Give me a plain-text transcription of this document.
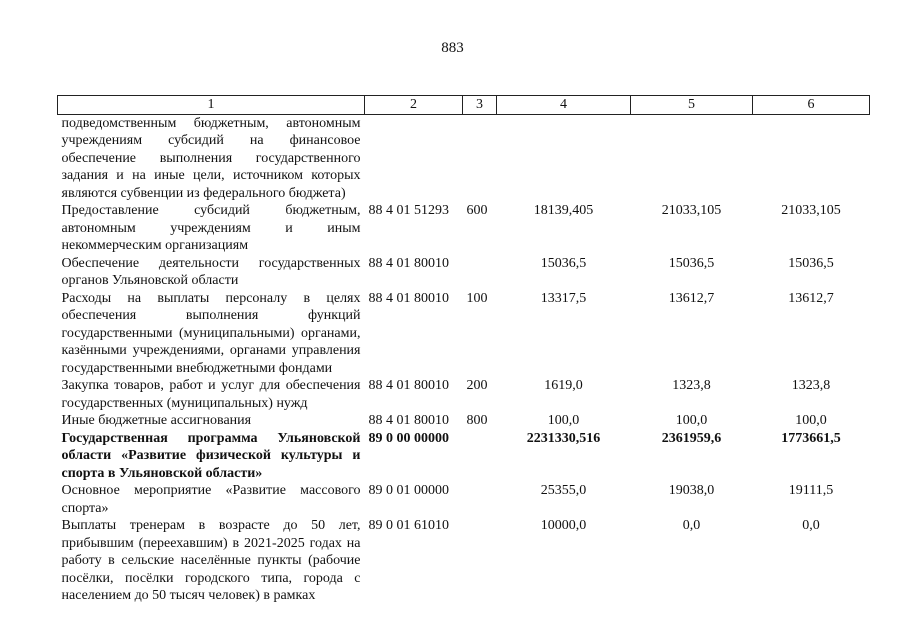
883
1	2	3	4	5	6
подведомственным бюджетным, автономным учреждениям субсидий на финансовое обеспечение выполнения государственного задания и на иные цели, источником которых являются субвенции из федерального бюджета)					
Предоставление субсидий бюджетным, автономным учреждениям и иным некоммерческим организациям	88 4 01 51293	600	18139,405	21033,105	21033,105
Обеспечение деятельности государственных органов Ульяновской области	88 4 01 80010		15036,5	15036,5	15036,5
Расходы на выплаты персоналу в целях обеспечения выполнения функций государственными (муниципальными) органами, казёнными учреждениями, органами управления государственными внебюджетными фондами	88 4 01 80010	100	13317,5	13612,7	13612,7
Закупка товаров, работ и услуг для обеспечения государственных (муниципальных) нужд	88 4 01 80010	200	1619,0	1323,8	1323,8
Иные бюджетные ассигнования	88 4 01 80010	800	100,0	100,0	100,0
Государственная программа Ульяновской области «Развитие физической культуры и спорта в Ульяновской области»	89 0 00 00000		2231330,516	2361959,6	1773661,5
Основное мероприятие «Развитие массового спорта»	89 0 01 00000		25355,0	19038,0	19111,5
Выплаты тренерам в возрасте до 50 лет, прибывшим (переехавшим) в 2021-2025 годах на работу в сельские населённые пункты (рабочие посёлки, посёлки городского типа, города с населением до 50 тысяч человек) в рамках	89 0 01 61010		10000,0	0,0	0,0
